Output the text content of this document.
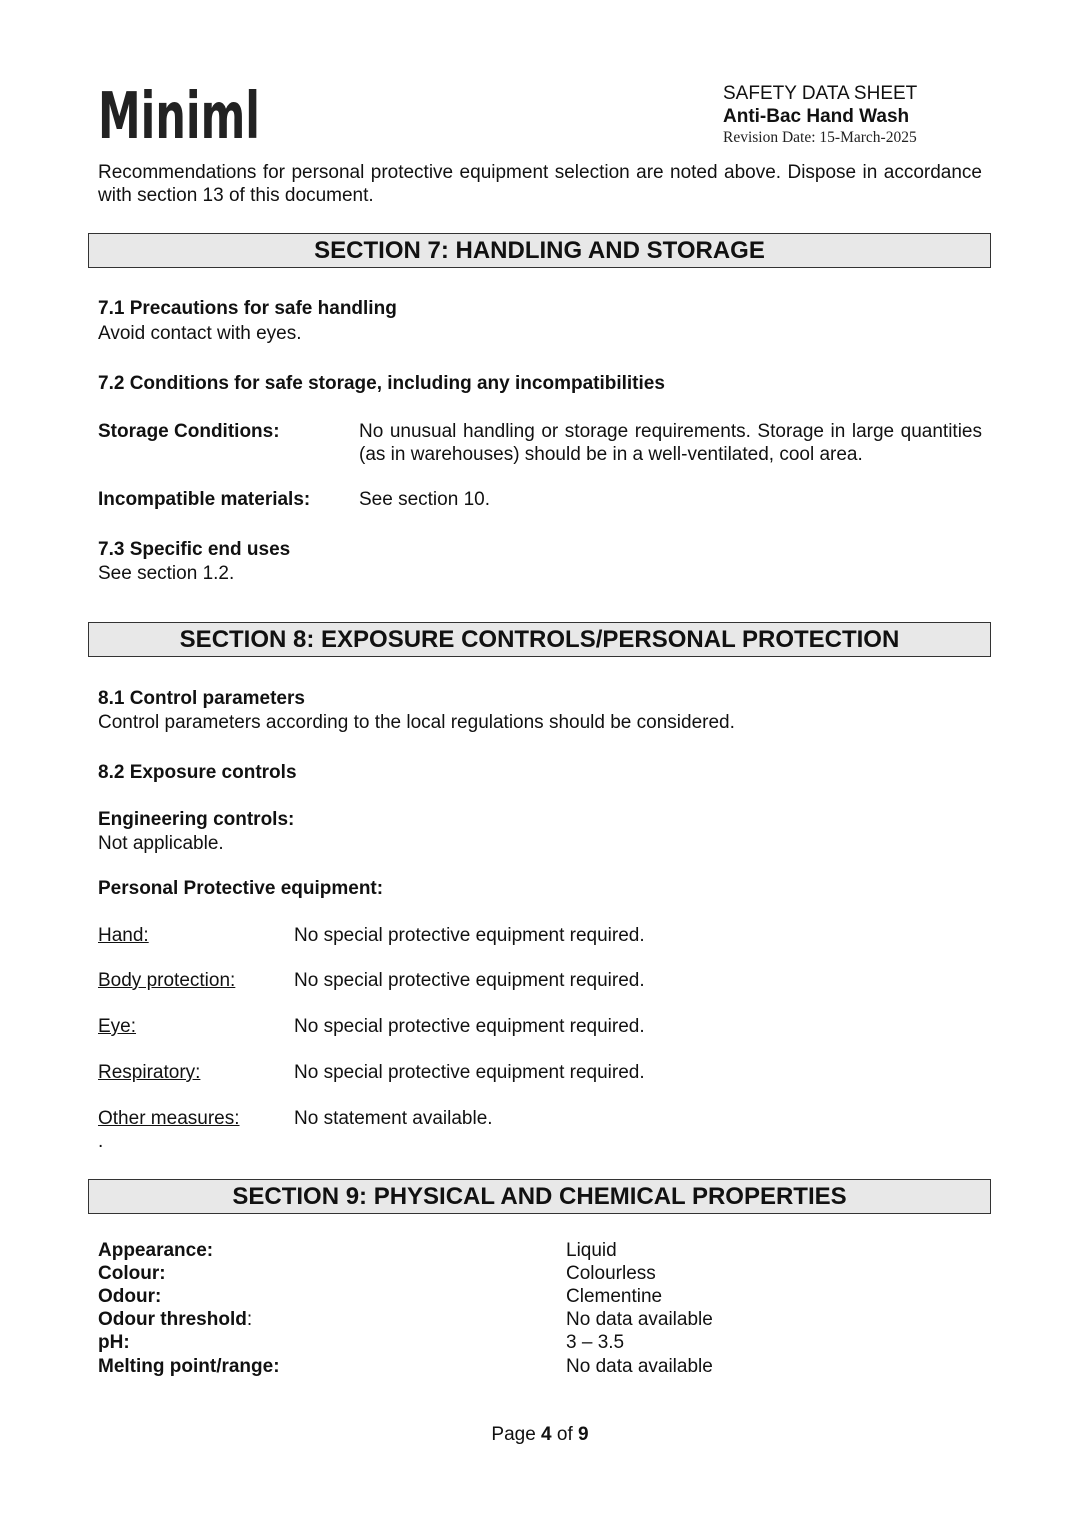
Miniml	SAFETY DATA SHEET
Anti-Bac Hand Wash
Revision Date: 15-March-2025
Recommendations for personal protective equipment selection are noted above. Dispose in accordance with section 13 of this document.
SECTION 7: HANDLING AND STORAGE
7.1 Precautions for safe handling
Avoid contact with eyes.
7.2 Conditions for safe storage, including any incompatibilities
Storage Conditions:	No unusual handling or storage requirements. Storage in large quantities (as in warehouses) should be in a well-ventilated, cool area.
Incompatible materials:	See section 10.
7.3 Specific end uses
See section 1.2.
SECTION 8: EXPOSURE CONTROLS/PERSONAL PROTECTION
8.1 Control parameters
Control parameters according to the local regulations should be considered.
8.2 Exposure controls
Engineering controls:
Not applicable.
Personal Protective equipment:
Hand:	No special protective equipment required.
Body protection:	No special protective equipment required.
Eye:	No special protective equipment required.
Respiratory:	No special protective equipment required.
Other measures:	No statement available.
.
SECTION 9: PHYSICAL AND CHEMICAL PROPERTIES
Appearance:	Liquid
Colour:	Colourless
Odour:	Clementine
Odour threshold:	No data available
pH:	3 – 3.5
Melting point/range:	No data available
Page 4 of 9
